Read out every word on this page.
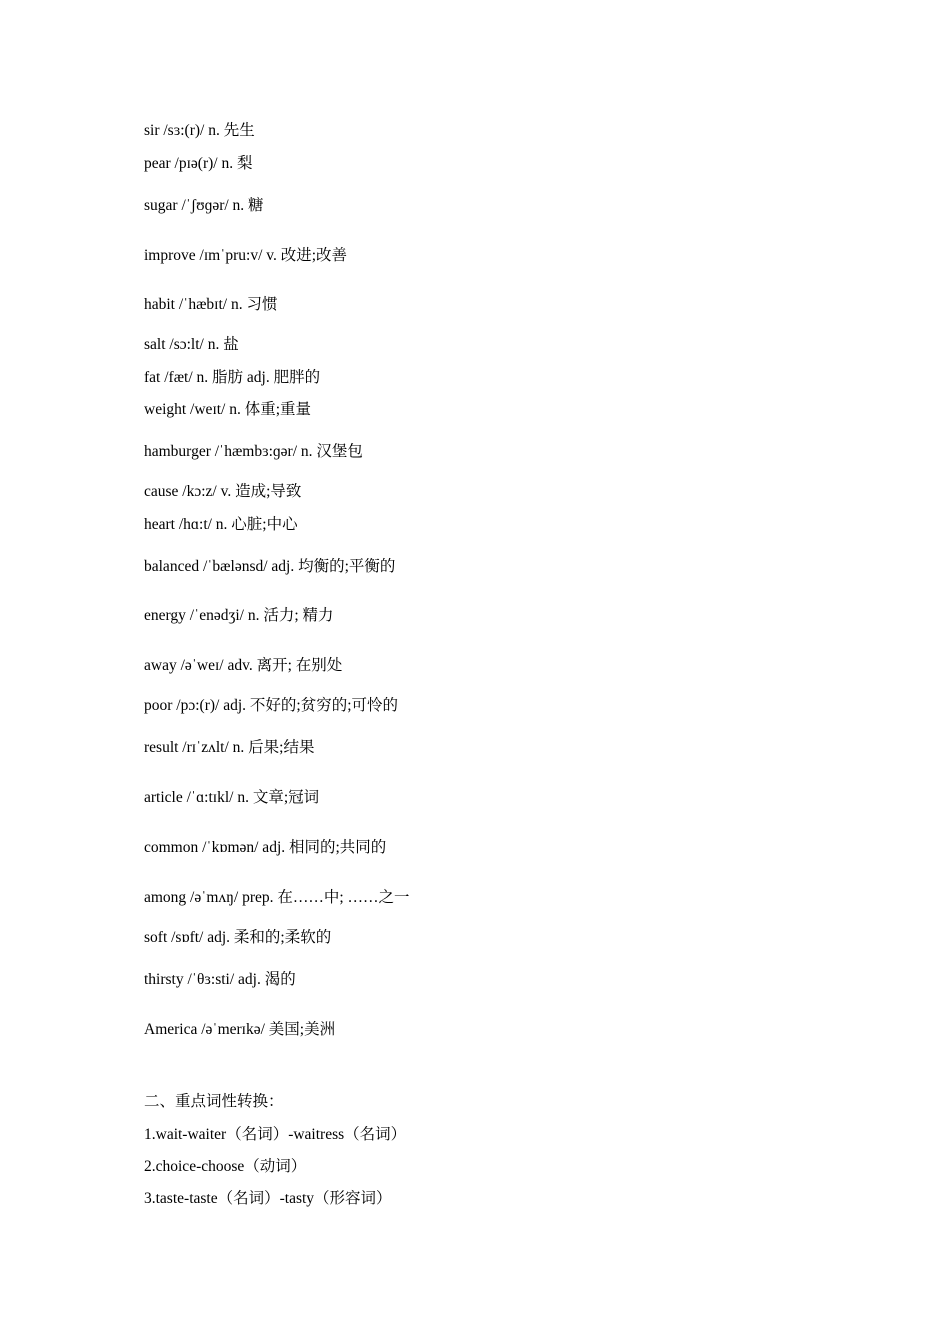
sir /sɜ:(r)/ n. 先生
pear /pɪə(r)/ n. 梨
sugar /ˈʃʊɡər/ n. 糖
improve /ɪmˈpru:v/ v. 改进;改善
habit /ˈhæbɪt/ n. 习惯
salt /sɔ:lt/ n. 盐
fat /fæt/ n. 脂肪 adj. 肥胖的
weight /weɪt/ n. 体重;重量
hamburger /ˈhæmbɜ:ɡər/ n. 汉堡包
cause /kɔ:z/ v. 造成;导致
heart /hɑ:t/ n. 心脏;中心
balanced /ˈbælənsd/ adj. 均衡的;平衡的
energy /ˈenədʒi/ n. 活力; 精力
away /əˈweɪ/ adv. 离开; 在别处
poor /pɔ:(r)/ adj. 不好的;贫穷的;可怜的
result /rɪˈzʌlt/ n. 后果;结果
article /ˈɑ:tɪkl/ n. 文章;冠词
common /ˈkɒmən/ adj. 相同的;共同的
among /əˈmʌŋ/ prep. 在……中; ……之一
soft /sɒft/ adj. 柔和的;柔软的
thirsty /ˈθɜ:sti/ adj. 渴的
America /əˈmerɪkə/ 美国;美洲
二、重点词性转换：
1.wait-waiter（名词）-waitress（名词）
2.choice-choose（动词）
3.taste-taste（名词）-tasty（形容词）
